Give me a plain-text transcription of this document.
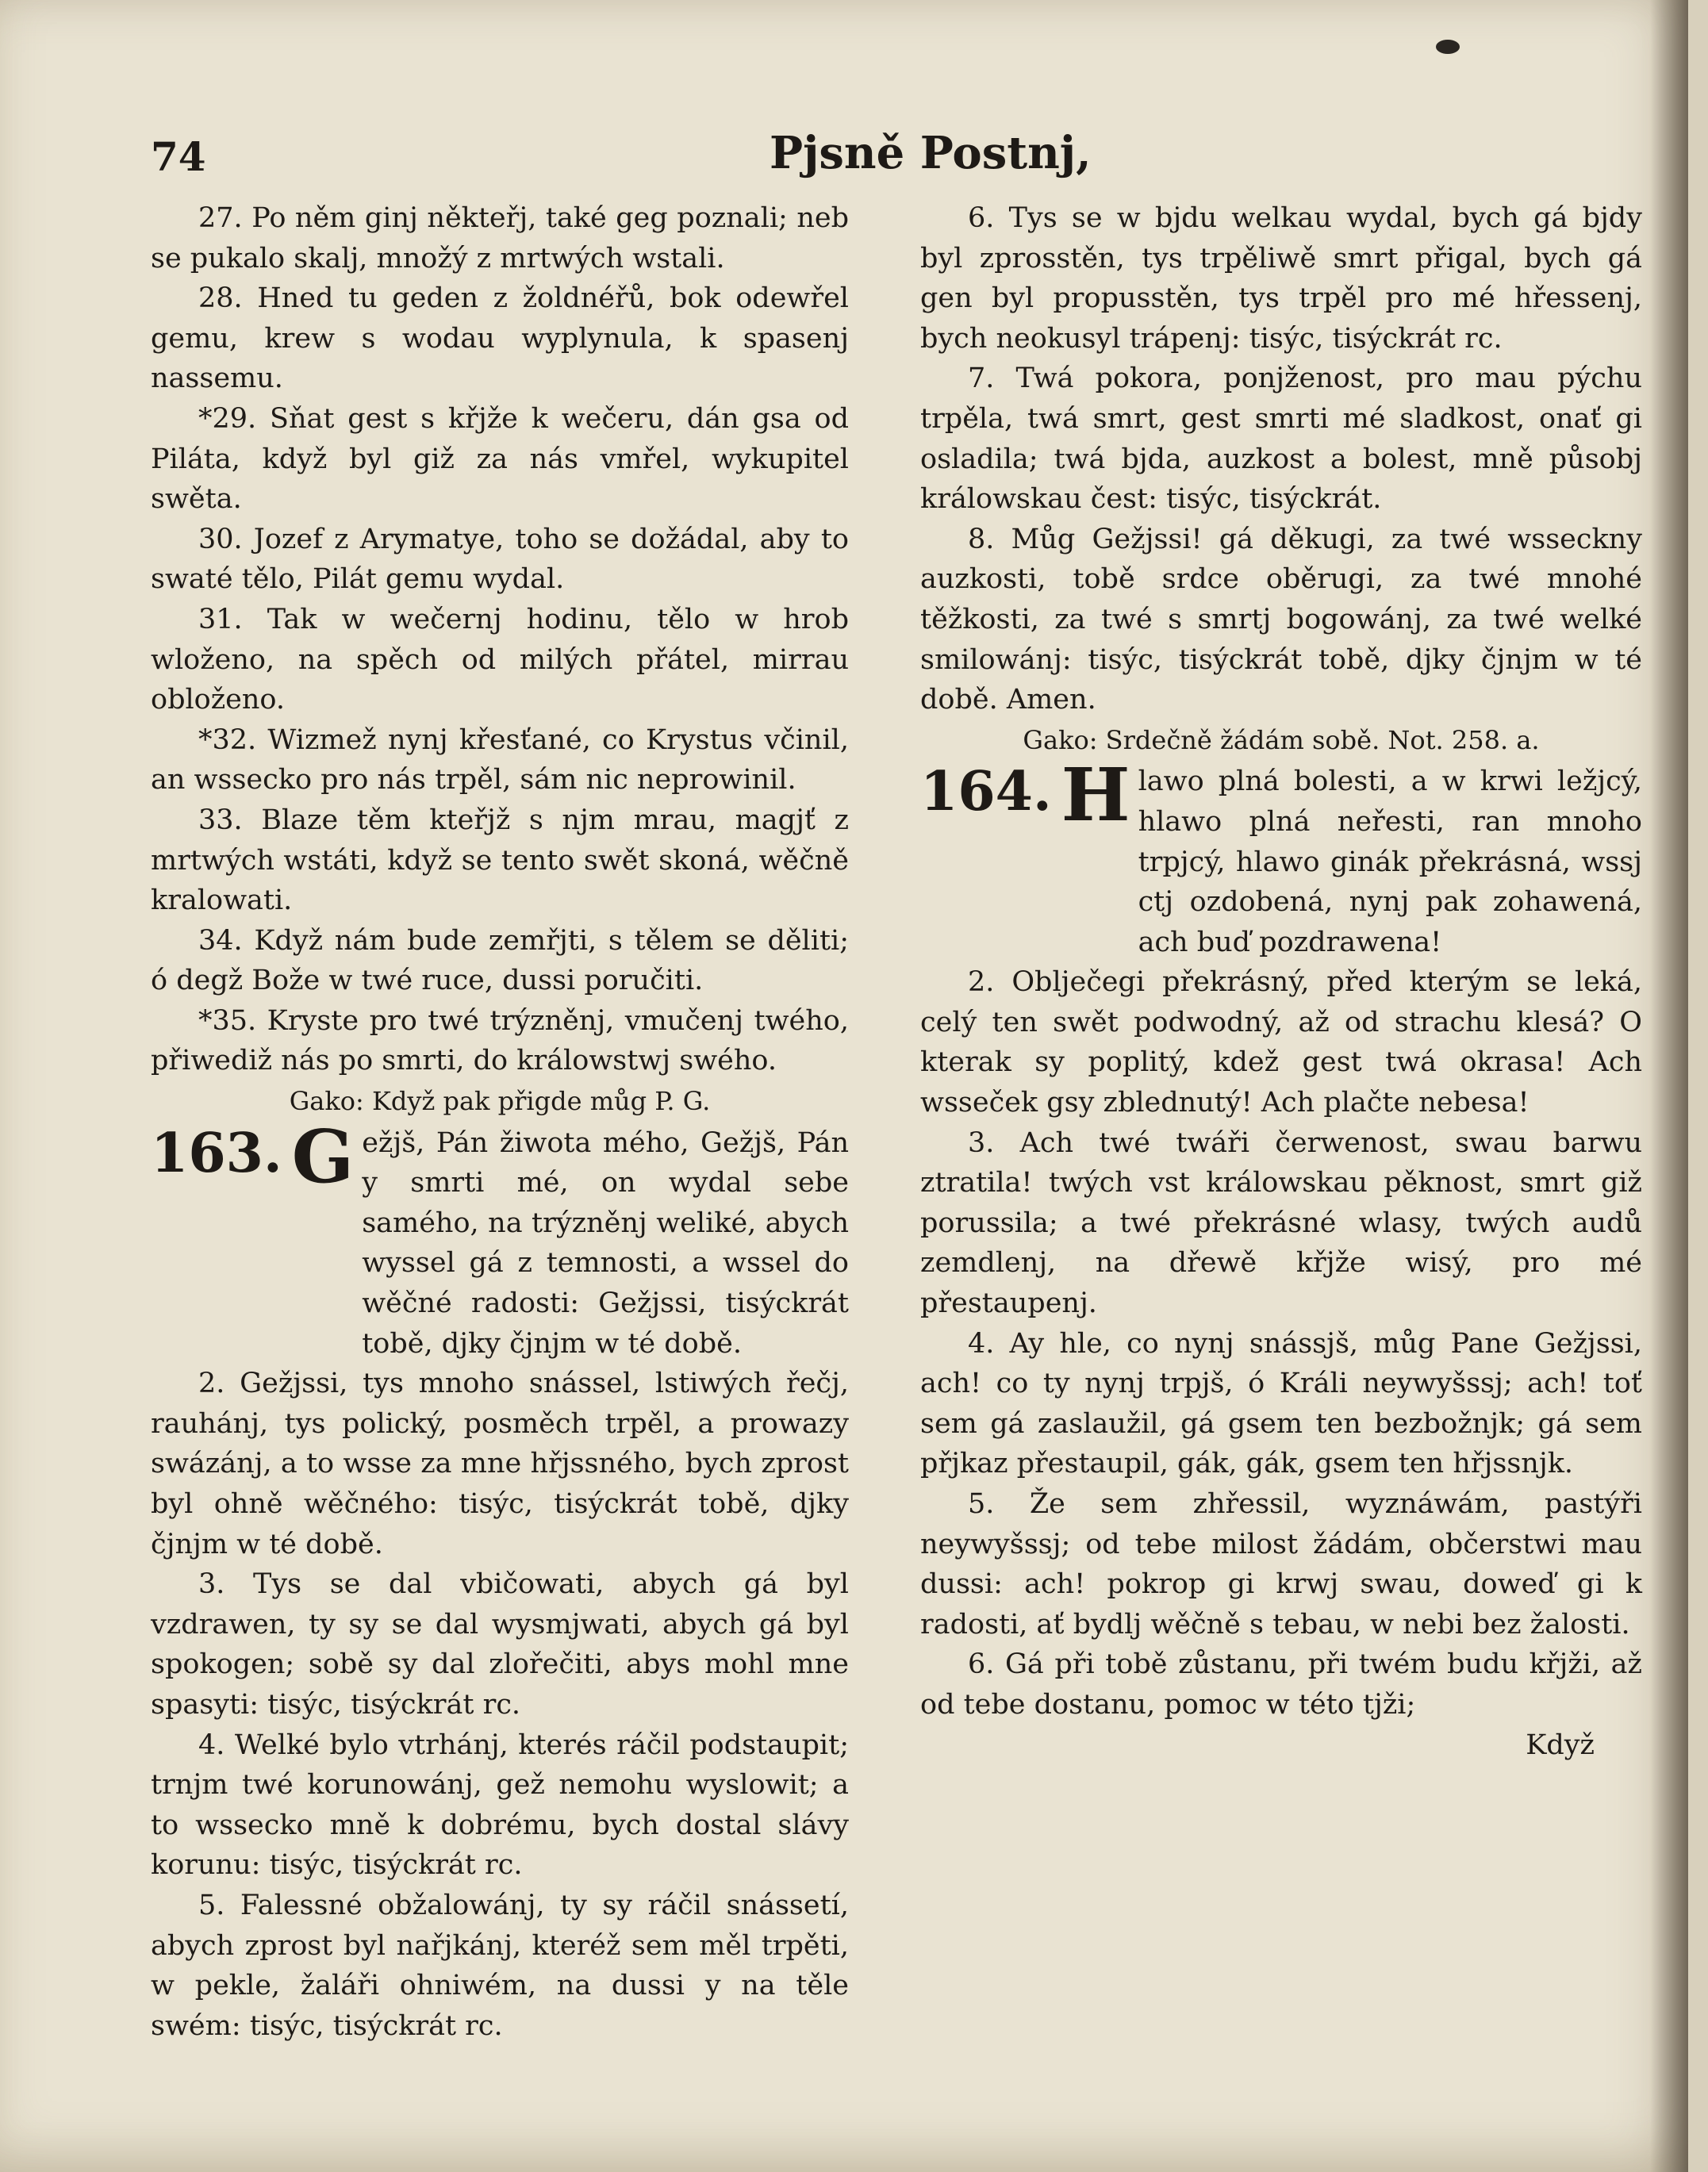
74	Pjsně Postnj,

27. Po něm ginj někteřj, také geg poznali; neb se pukalo skalj, množý z mrtwých wstali.

28. Hned tu geden z žoldnéřů, bok odewřel gemu, krew s wodau wyplynula, k spasenj nassemu.

*29. Sňat gest s křjže k wečeru, dán gsa od Piláta, když byl giž za nás vmřel, wykupitel swěta.

30. Jozef z Arymatye, toho se dožádal, aby to swaté tělo, Pilát gemu wydal.

31. Tak w wečernj hodinu, tělo w hrob wloženo, na spěch od milých přátel, mirrau obloženo.

*32. Wizmež nynj křesťané, co Krystus včinil, an wssecko pro nás trpěl, sám nic neprowinil.

33. Blaze těm kteřjž s njm mrau, magjť z mrtwých wstáti, když se tento swět skoná, wěčně kralowati.

34. Když nám bude zemřjti, s tělem se děliti; ó degž Bože w twé ruce, dussi poručiti.

*35. Kryste pro twé trýzněnj, vmučenj twého, přiwediž nás po smrti, do králowstwj swého.

Gako: Když pak přigde můg P. G.

163. G ežjš, Pán žiwota mého, Gežjš, Pán y smrti mé, on wydal sebe samého, na trýzněnj weliké, abych wyssel gá z temnosti, a wssel do wěčné radosti: Gežjssi, tisýckrát tobě, djky čjnjm w té době.

2. Gežjssi, tys mnoho snássel, lstiwých řečj, rauhánj, tys polický, posměch trpěl, a prowazy swázánj, a to wsse za mne hřjssného, bych zprost byl ohně wěčného: tisýc, tisýckrát tobě, djky čjnjm w té době.

3. Tys se dal vbičowati, abych gá byl vzdrawen, ty sy se dal wysmjwati, abych gá byl spokogen; sobě sy dal zlořečiti, abys mohl mne spasyti: tisýc, tisýckrát rc.

4. Welké bylo vtrhánj, kterés ráčil podstaupit; trnjm twé korunowánj, gež nemohu wyslowit; a to wssecko mně k dobrému, bych dostal slávy korunu: tisýc, tisýckrát rc.

5. Falessné obžalowánj, ty sy ráčil snássetí, abych zprost byl nařjkánj, kteréž sem měl trpěti, w pekle, žaláři ohniwém, na dussi y na těle swém: tisýc, tisýckrát rc.

6. Tys se w bjdu welkau wydal, bych gá bjdy byl zprosstěn, tys trpěliwě smrt přigal, bych gá gen byl propusstěn, tys trpěl pro mé hřessenj, bych neokusyl trápenj: tisýc, tisýckrát rc.

7. Twá pokora, ponjženost, pro mau pýchu trpěla, twá smrt, gest smrti mé sladkost, onať gi osladila; twá bjda, auzkost a bolest, mně působj králowskau čest: tisýc, tisýckrát.

8. Můg Gežjssi! gá děkugi, za twé wsseckny auzkosti, tobě srdce oběrugi, za twé mnohé těžkosti, za twé s smrtj bogowánj, za twé welké smilowánj: tisýc, tisýckrát tobě, djky čjnjm w té době. Amen.

Gako: Srdečně žádám sobě. Not. 258. a.

164. H lawo plná bolesti, a w krwi ležjcý, hlawo plná neřesti, ran mnoho trpjcý, hlawo ginák překrásná, wssj ctj ozdobená, nynj pak zohawená, ach buď pozdrawena!

2. Oblječegi překrásný, před kterým se leká, celý ten swět podwodný, až od strachu klesá? O kterak sy poplitý, kdež gest twá okrasa! Ach wsseček gsy zblednutý! Ach plačte nebesa!

3. Ach twé twáři čerwenost, swau barwu ztratila! twých vst králowskau pěknost, smrt giž porussila; a twé překrásné wlasy, twých audů zemdlenj, na dřewě křjže wisý, pro mé přestaupenj.

4. Ay hle, co nynj snássjš, můg Pane Gežjssi, ach! co ty nynj trpjš, ó Králi neywyšssj; ach! toť sem gá zaslaužil, gá gsem ten bezbožnjk; gá sem přjkaz přestaupil, gák, gák, gsem ten hřjssnjk.

5. Že sem zhřessil, wyznáwám, pastýři neywyšssj; od tebe milost žádám, občerstwi mau dussi: ach! pokrop gi krwj swau, doweď gi k radosti, ať bydlj wěčně s tebau, w nebi bez žalosti.

6. Gá při tobě zůstanu, při twém budu křjži, až od tebe dostanu, pomoc w této tjži;

Když
